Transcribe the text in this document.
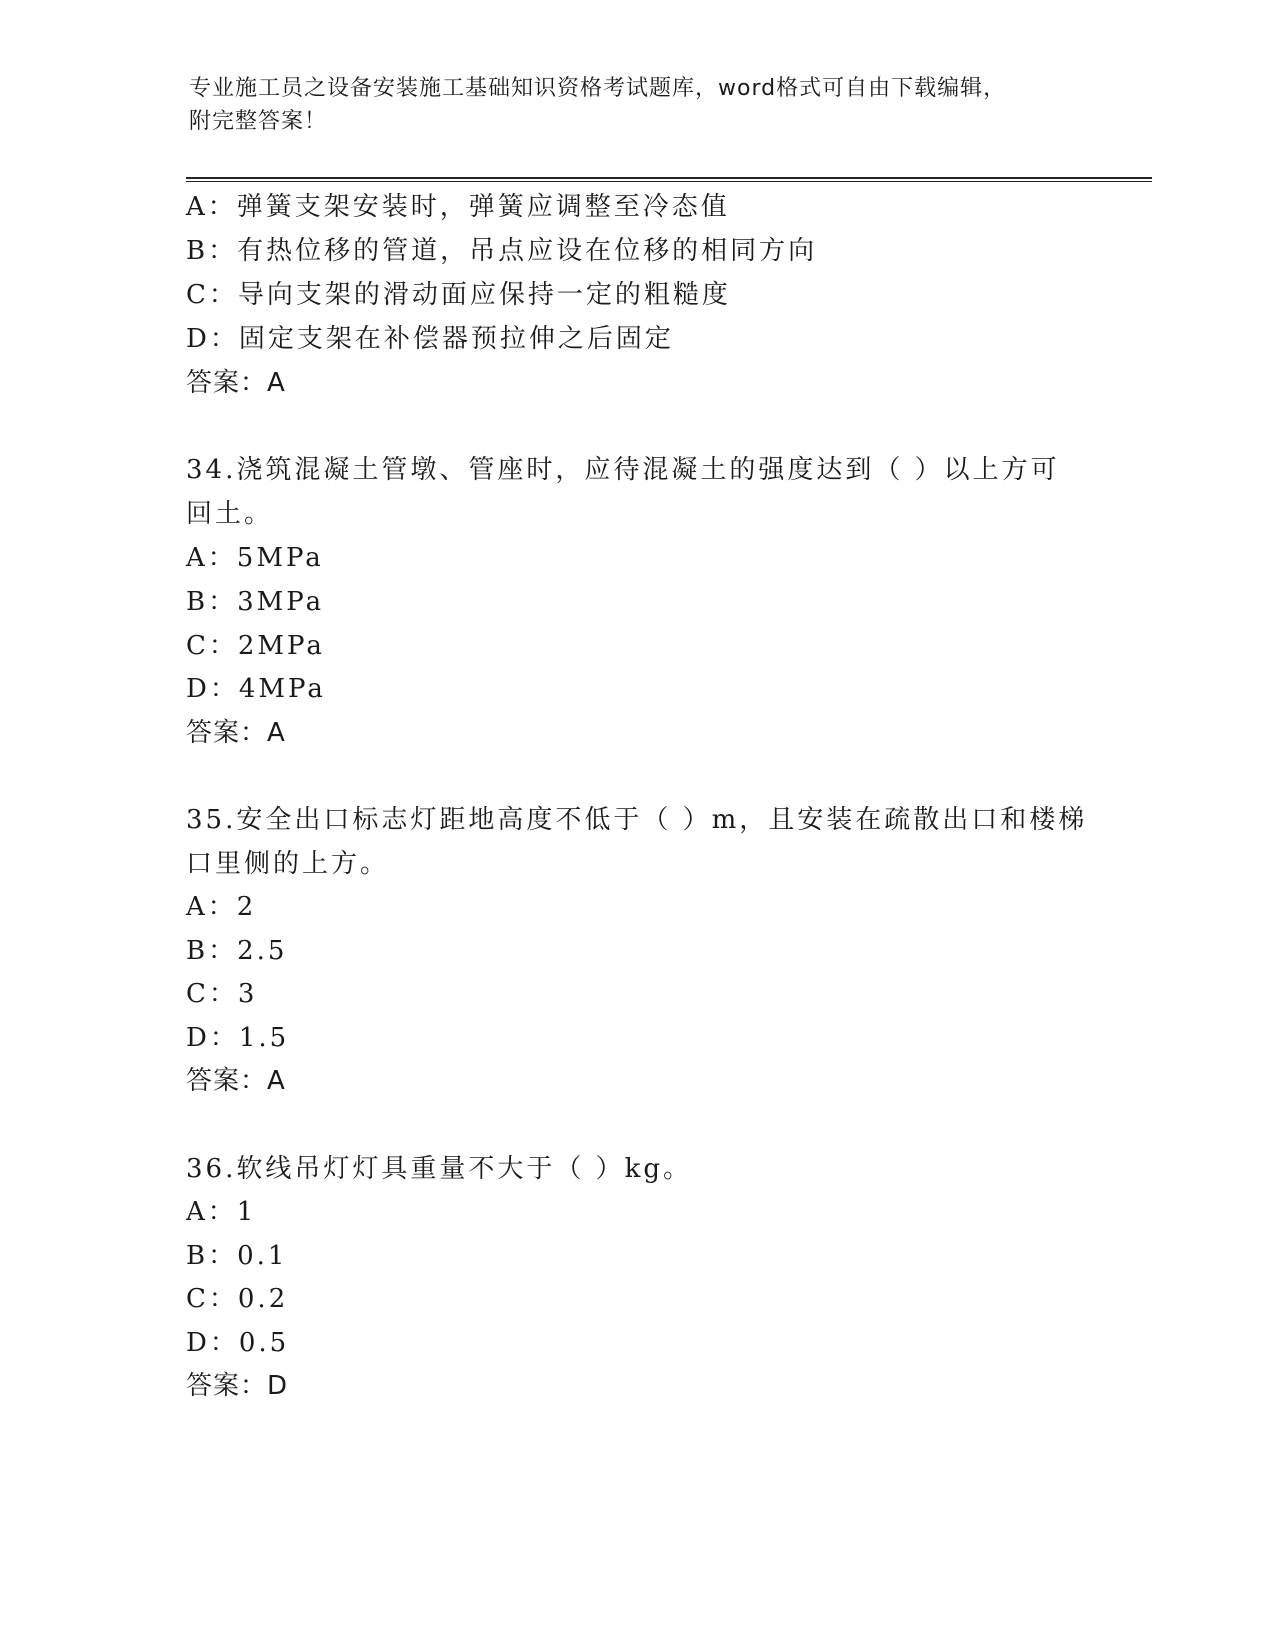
专业施工员之设备安装施工基础知识资格考试题库，word格式可自由下载编辑，
附完整答案！
A：弹簧支架安装时，弹簧应调整至冷态值
B：有热位移的管道，吊点应设在位移的相同方向
C：导向支架的滑动面应保持一定的粗糙度
D：固定支架在补偿器预拉伸之后固定
答案：A
34.浇筑混凝土管墩、管座时，应待混凝土的强度达到（ ）以上方可
回土。
A：5MPa
B：3MPa
C：2MPa
D：4MPa
答案：A
35.安全出口标志灯距地高度不低于（ ）m，且安装在疏散出口和楼梯
口里侧的上方。
A：2
B：2.5
C：3
D：1.5
答案：A
36.软线吊灯灯具重量不大于（ ）kg。
A：1
B：0.1
C：0.2
D：0.5
答案：D
